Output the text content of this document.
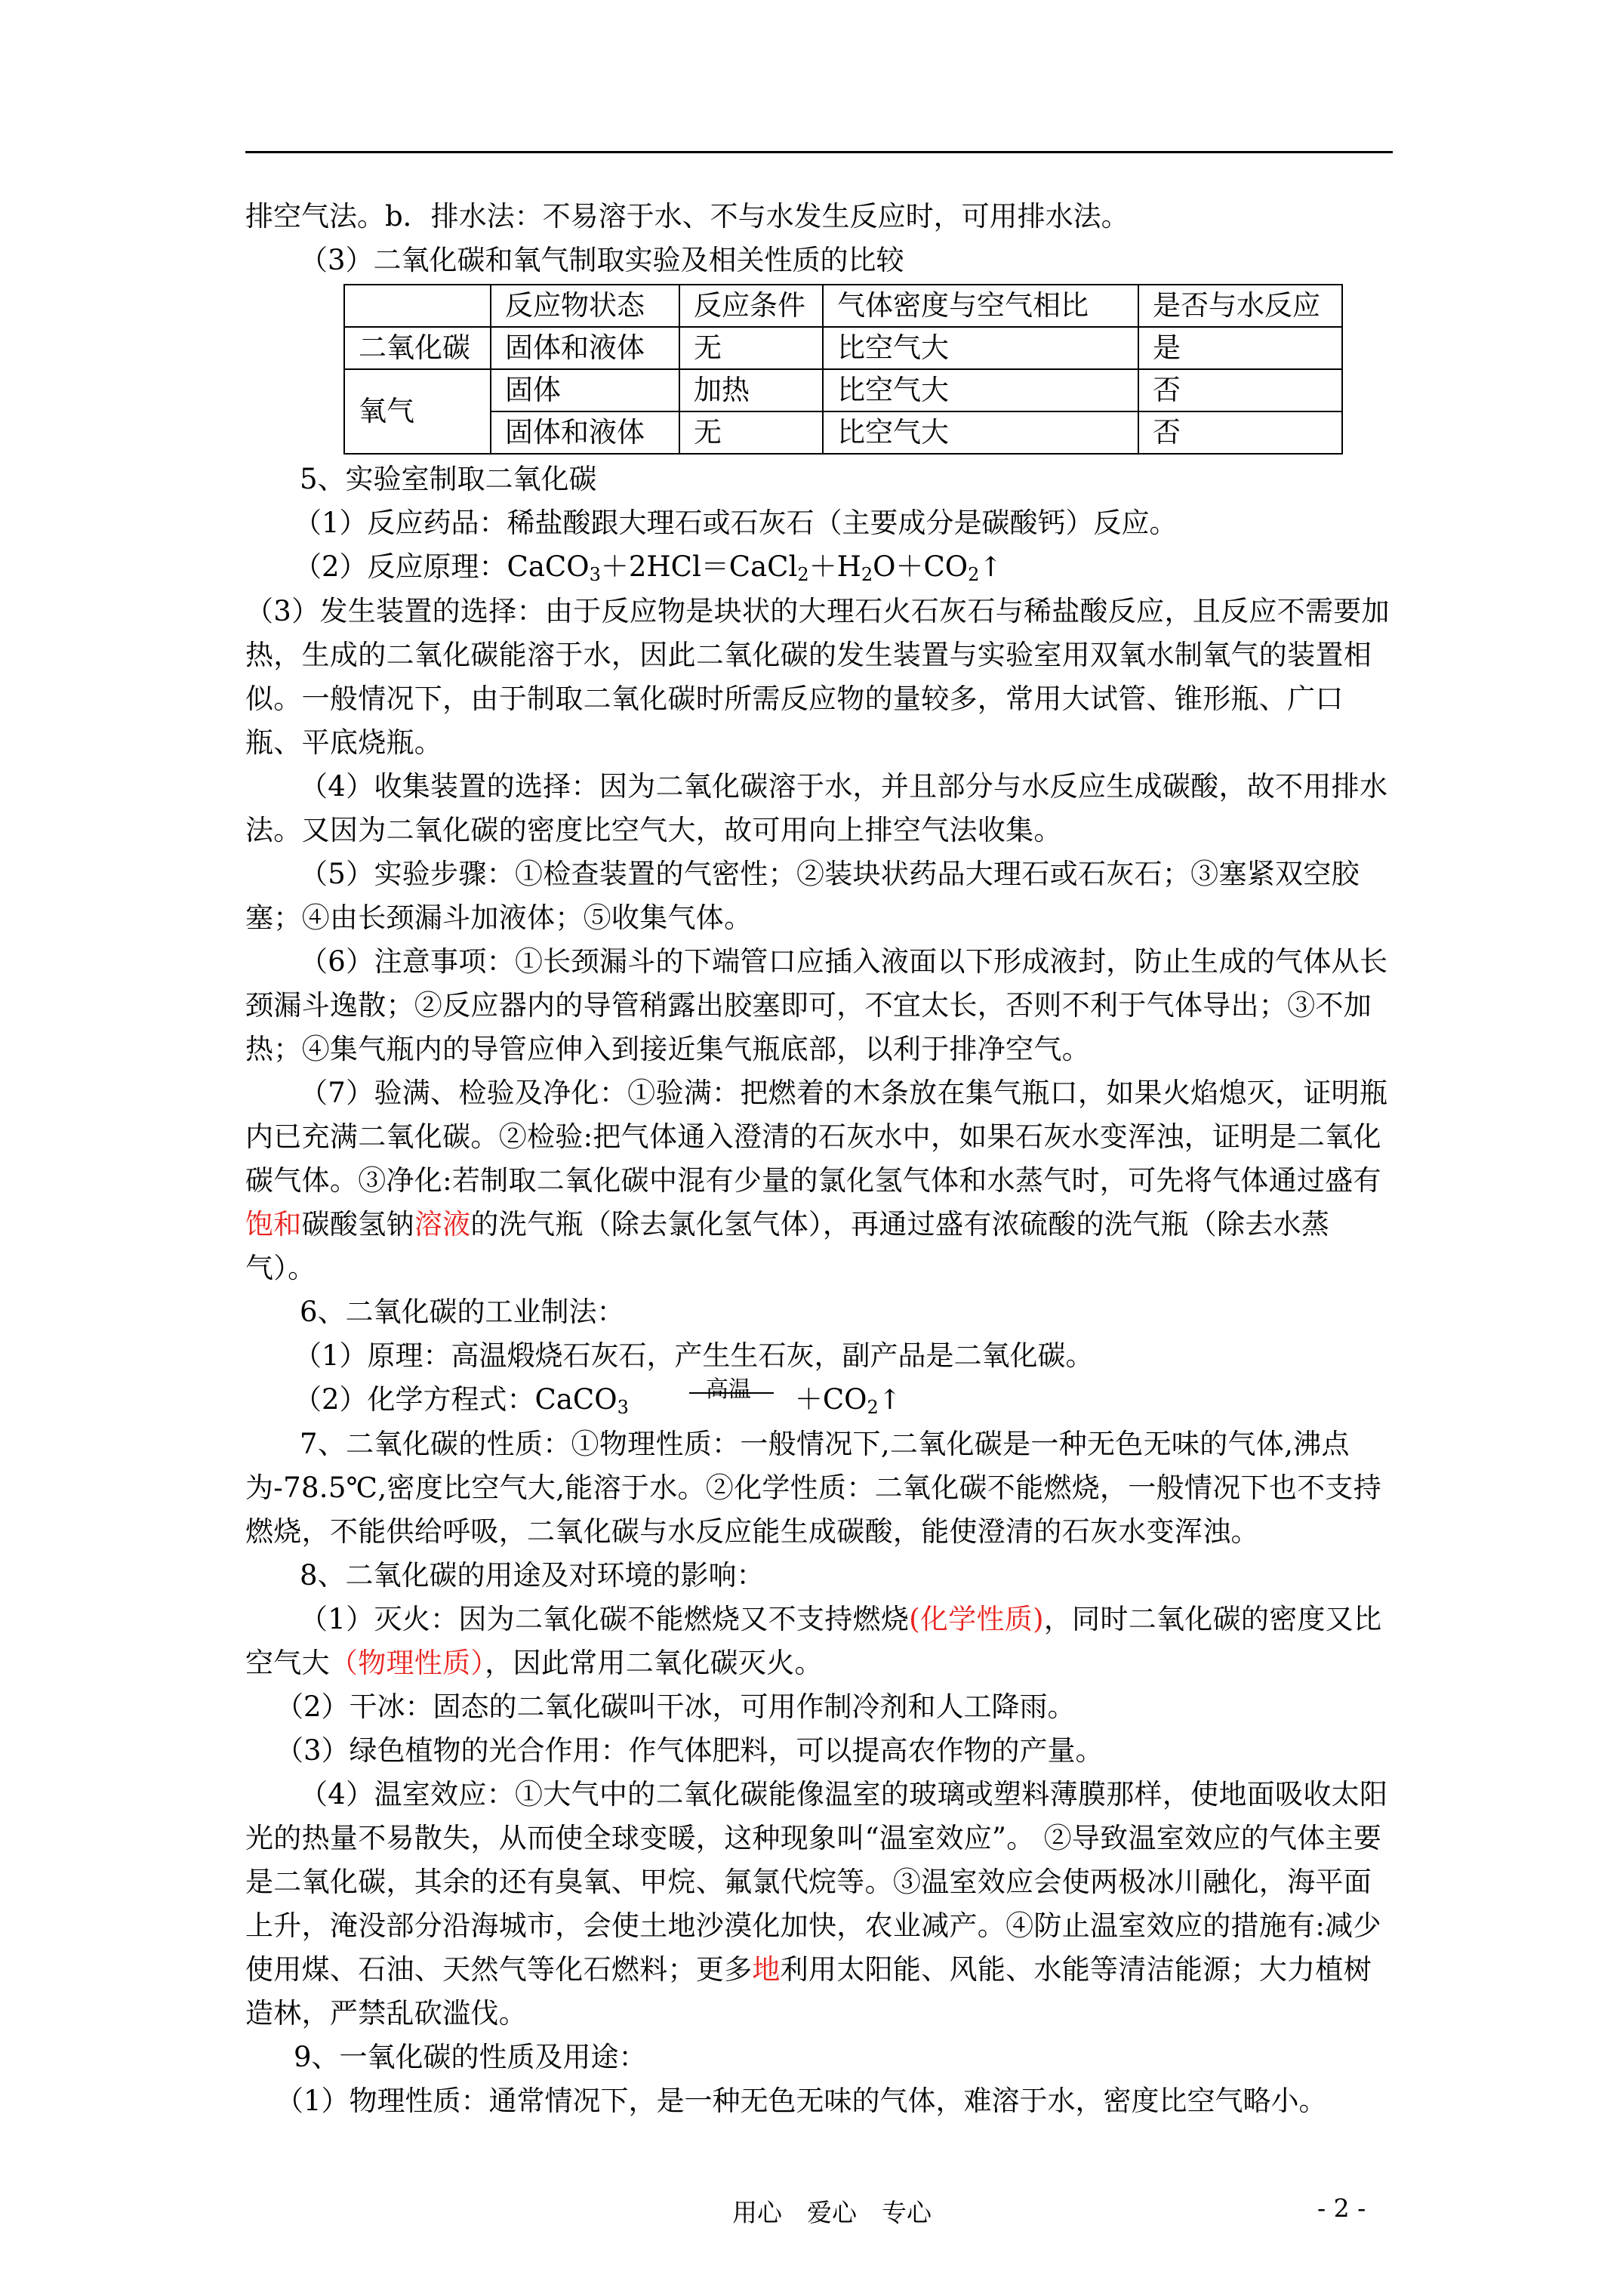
排空气法。b．排水法：不易溶于水、不与水发生反应时，可用排水法。

（3）二氧化碳和氧气制取实验及相关性质的比较

	反应物状态	反应条件	气体密度与空气相比	是否与水反应
二氧化碳	固体和液体	无	比空气大	是
氧气	固体	加热	比空气大	否
	固体和液体	无	比空气大	否

5、实验室制取二氧化碳

（1）反应药品：稀盐酸跟大理石或石灰石（主要成分是碳酸钙）反应。

（2）反应原理：$CaCO_3+2HCl=CaCl_2+H_2O+CO_2↑$

（3）发生装置的选择：由于反应物是块状的大理石火石灰石与稀盐酸反应，且反应不需要加热，生成的二氧化碳能溶于水，因此二氧化碳的发生装置与实验室用双氧水制氧气的装置相似。一般情况下，由于制取二氧化碳时所需反应物的量较多，常用大试管、锥形瓶、广口瓶、平底烧瓶。

（4）收集装置的选择：因为二氧化碳溶于水，并且部分与水反应生成碳酸，故不用排水法。又因为二氧化碳的密度比空气大，故可用向上排空气法收集。

（5）实验步骤：①检查装置的气密性；②装块状药品大理石或石灰石；③塞紧双空胶塞；④由长颈漏斗加液体；⑤收集气体。

（6）注意事项：①长颈漏斗的下端管口应插入液面以下形成液封，防止生成的气体从长颈漏斗逸散；②反应器内的导管稍露出胶塞即可，不宜太长，否则不利于气体导出；③不加热；④集气瓶内的导管应伸入到接近集气瓶底部，以利于排净空气。

（7）验满、检验及净化：①验满：把燃着的木条放在集气瓶口，如果火焰熄灭，证明瓶内已充满二氧化碳。②检验:把气体通入澄清的石灰水中，如果石灰水变浑浊，证明是二氧化碳气体。③净化:若制取二氧化碳中混有少量的氯化氢气体和水蒸气时，可先将气体通过盛有饱和碳酸氢钠溶液的洗气瓶（除去氯化氢气体），再通过盛有浓硫酸的洗气瓶（除去水蒸气）。

6、二氧化碳的工业制法：

（1）原理：高温煅烧石灰石，产生生石灰，副产品是二氧化碳。

（2）化学方程式：CaCO$_3$
高温 $+CO_2↑$

7、二氧化碳的性质：①物理性质：一般情况下,二氧化碳是一种无色无味的气体,沸点为-78.5℃,密度比空气大,能溶于水。②化学性质：二氧化碳不能燃烧，一般情况下也不支持燃烧，不能供给呼吸，二氧化碳与水反应能生成碳酸，能使澄清的石灰水变浑浊。

8、二氧化碳的用途及对环境的影响：

（1）灭火：因为二氧化碳不能燃烧又不支持燃烧(化学性质)，同时二氧化碳的密度又比空气大（物理性质），因此常用二氧化碳灭火。

（2）干冰：固态的二氧化碳叫干冰，可用作制冷剂和人工降雨。

（3）绿色植物的光合作用：作气体肥料，可以提高农作物的产量。

（4）温室效应：①大气中的二氧化碳能像温室的玻璃或塑料薄膜那样，使地面吸收太阳光的热量不易散失，从而使全球变暖，这种现象叫“温室效应”。 ②导致温室效应的气体主要是二氧化碳，其余的还有臭氧、甲烷、氟氯代烷等。③温室效应会使两极冰川融化，海平面上升，淹没部分沿海城市，会使土地沙漠化加快，农业减产。④防止温室效应的措施有:减少使用煤、石油、天然气等化石燃料；更多地利用太阳能、风能、水能等清洁能源；大力植树造林，严禁乱砍滥伐。

9、一氧化碳的性质及用途：

（1）物理性质：通常情况下，是一种无色无味的气体，难溶于水，密度比空气略小。

用心　爱心　专心	- 2 -
